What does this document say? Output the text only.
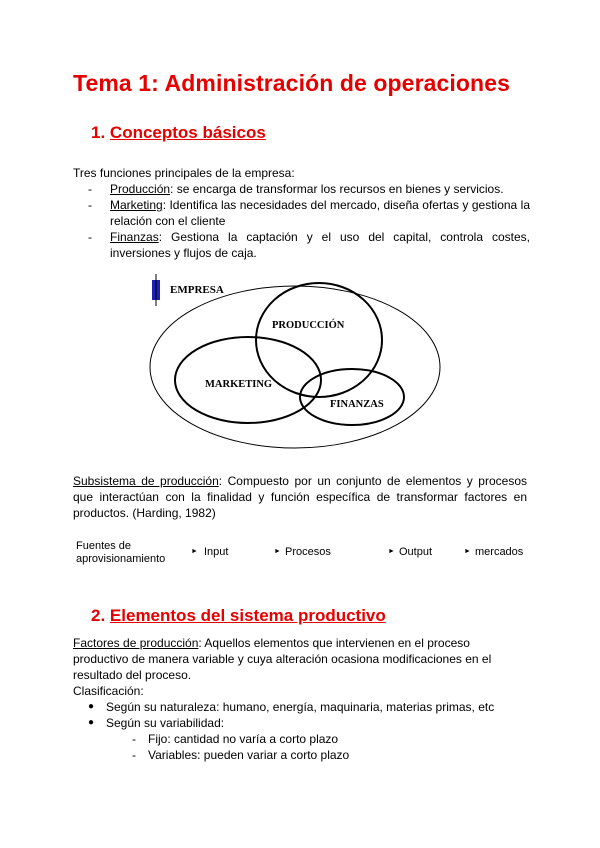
Tema 1: Administración de operaciones
1. Conceptos básicos

Tres funciones principales de la empresa:

- Producción: se encarga de transformar los recursos en bienes y servicios.
- Marketing: Identifica las necesidades del mercado, diseña ofertas y gestiona la relación con el cliente
- Finanzas: Gestiona la captación y el uso del capital, controla costes, inversiones y flujos de caja.
EMPRESA
PRODUCCIÓN
MARKETING
FINANZAS

Subsistema de producción: Compuesto por un conjunto de elementos y procesos que interactúan con la finalidad y función específica de transformar factores en productos. (Harding, 1982)

Fuentes de
aprovisionamiento
► Input	► Procesos	► Output	► mercados
2. Elementos del sistema productivo

Factores de producción: Aquellos elementos que intervienen en el proceso productivo de manera variable y cuya alteración ocasiona modificaciones en el resultado del proceso.

Clasificación:

● Según su naturaleza: humano, energía, maquinaria, materias primas, etc
● Según su variabilidad:
- Fijo: cantidad no varía a corto plazo
- Variables: pueden variar a corto plazo
